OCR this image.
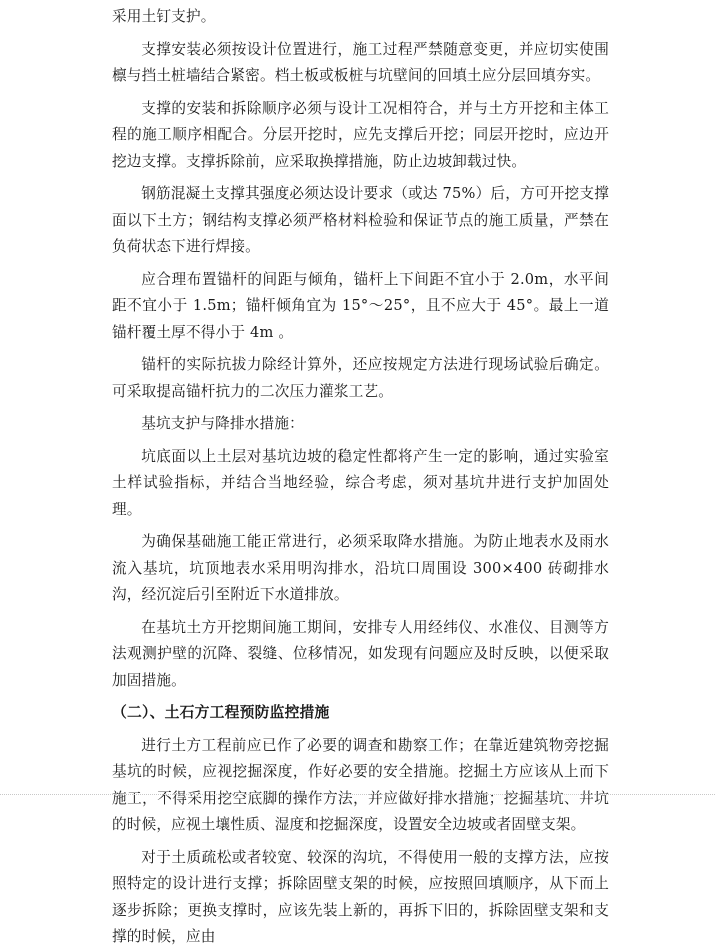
采用土钉支护。

支撑安装必须按设计位置进行，施工过程严禁随意变更，并应切实使围檩与挡土桩墙结合紧密。档土板或板桩与坑壁间的回填土应分层回填夯实。

支撑的安装和拆除顺序必须与设计工况相符合，并与土方开挖和主体工程的施工顺序相配合。分层开挖时，应先支撑后开挖；同层开挖时，应边开挖边支撑。支撑拆除前，应采取换撑措施，防止边坡卸载过快。

钢筋混凝土支撑其强度必须达设计要求（或达 75%）后，方可开挖支撑面以下土方；钢结构支撑必须严格材料检验和保证节点的施工质量，严禁在负荷状态下进行焊接。

应合理布置锚杆的间距与倾角，锚杆上下间距不宜小于 2.0m，水平间距不宜小于 1.5m；锚杆倾角宜为 15°～25°，且不应大于 45°。最上一道锚杆覆土厚不得小于 4m 。

锚杆的实际抗拔力除经计算外，还应按规定方法进行现场试验后确定。可采取提高锚杆抗力的二次压力灌浆工艺。

基坑支护与降排水措施：

坑底面以上土层对基坑边坡的稳定性都将产生一定的影响，通过实验室土样试验指标，并结合当地经验，综合考虑，须对基坑井进行支护加固处理。

为确保基础施工能正常进行，必须采取降水措施。为防止地表水及雨水流入基坑，坑顶地表水采用明沟排水，沿坑口周围设 300×400 砖砌排水沟，经沉淀后引至附近下水道排放。

在基坑土方开挖期间施工期间，安排专人用经纬仪、水准仪、目测等方法观测护壁的沉降、裂缝、位移情况，如发现有问题应及时反映，以便采取加固措施。

（二）、土石方工程预防监控措施

进行土方工程前应已作了必要的调查和勘察工作；在靠近建筑物旁挖掘基坑的时候，应视挖掘深度，作好必要的安全措施。挖掘土方应该从上而下施工，不得采用挖空底脚的操作方法，并应做好排水措施；挖掘基坑、井坑的时候，应视土壤性质、湿度和挖掘深度，设置安全边坡或者固壁支架。

对于土质疏松或者较宽、较深的沟坑，不得使用一般的支撑方法，应按照特定的设计进行支撑；拆除固壁支架的时候，应按照回填顺序，从下而上逐步拆除；更换支撑时，应该先装上新的，再拆下旧的，拆除固壁支架和支撑的时候，应由
